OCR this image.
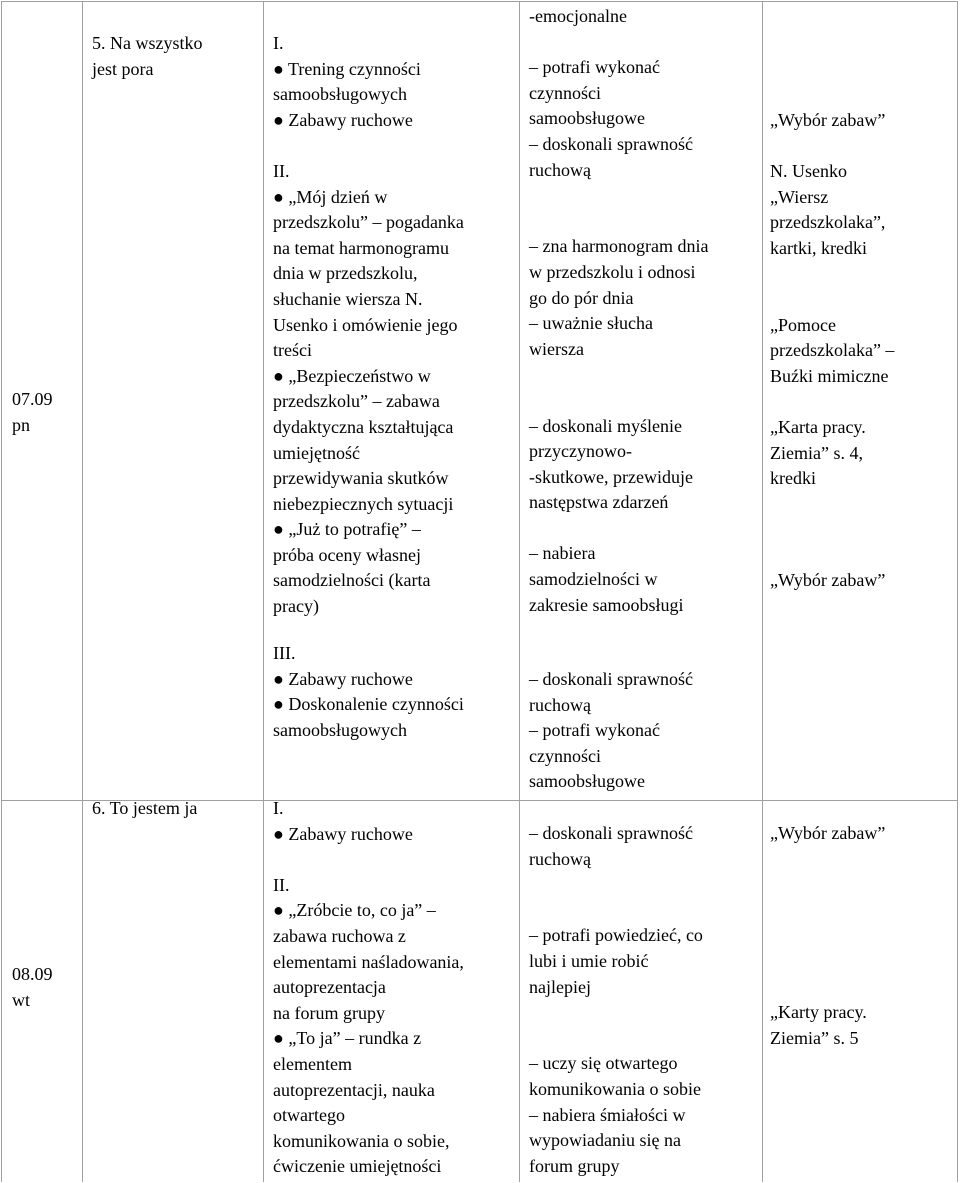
07.09
pn

5. Na wszystko

jest pora

I.

● Trening czynności

samoobsługowych

● Zabawy ruchowe

II.

● „Mój dzień w

przedszkolu” – pogadanka

na temat harmonogramu

dnia w przedszkolu,

słuchanie wiersza N.

Usenko i omówienie jego

treści

● „Bezpieczeństwo w

przedszkolu” – zabawa

dydaktyczna kształtująca

umiejętność

przewidywania skutków

niebezpiecznych sytuacji

● „Już to potrafię” –

próba oceny własnej

samodzielności (karta

pracy)

III.

● Zabawy ruchowe

● Doskonalenie czynności

samoobsługowych

-emocjonalne

– potrafi wykonać

czynności

samoobsługowe

– doskonali sprawność

ruchową

– zna harmonogram dnia

w przedszkolu i odnosi

go do pór dnia

– uważnie słucha

wiersza

– doskonali myślenie

przyczynowo-

-skutkowe, przewiduje

następstwa zdarzeń

– nabiera

samodzielności w

zakresie samoobsługi

– doskonali sprawność

ruchową

– potrafi wykonać

czynności

samoobsługowe

„Wybór zabaw”

N. Usenko

„Wiersz

przedszkolaka”,

kartki, kredki

„Pomoce

przedszkolaka” –

Buźki mimiczne

„Karta pracy.

Ziemia” s. 4,

kredki

„Wybór zabaw”

08.09
wt

6. To jestem ja	I.

● Zabawy ruchowe

II.

● „Zróbcie to, co ja” –

zabawa ruchowa z

elementami naśladowania,

autoprezentacja

na forum grupy

● „To ja” – rundka z

elementem

autoprezentacji, nauka

otwartego

komunikowania o sobie,

ćwiczenie umiejętności

– doskonali sprawność

ruchową

– potrafi powiedzieć, co

lubi i umie robić

najlepiej

– uczy się otwartego

komunikowania o sobie

– nabiera śmiałości w

wypowiadaniu się na

forum grupy

„Wybór zabaw”

„Karty pracy.

Ziemia” s. 5
